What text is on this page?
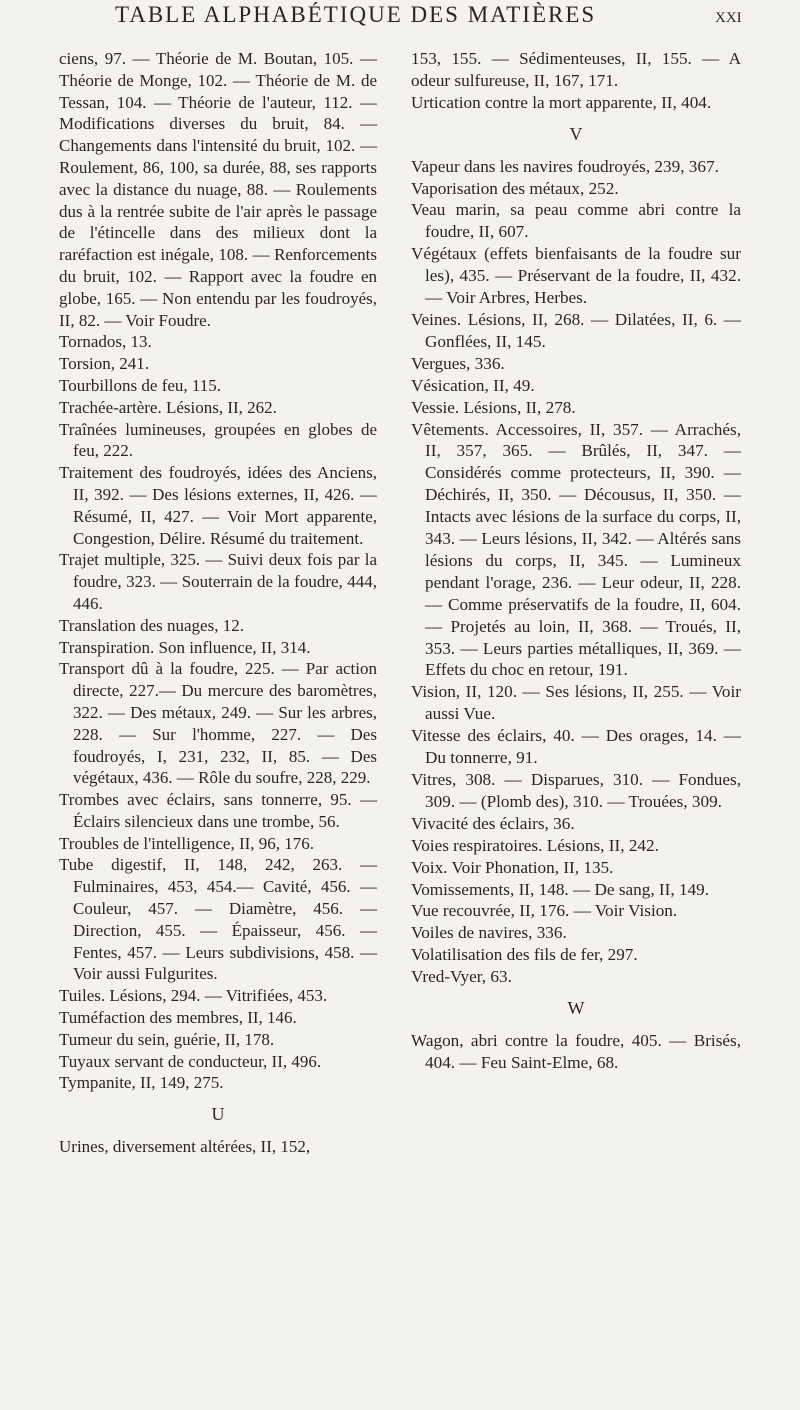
TABLE ALPHABÉTIQUE DES MATIÈRES	XXI

ciens, 97. — Théorie de M. Boutan, 105. — Théorie de Monge, 102. — Théorie de M. de Tessan, 104. — Théorie de l'auteur, 112. — Modifications diverses du bruit, 84. — Changements dans l'intensité du bruit, 102. — Roulement, 86, 100, sa durée, 88, ses rapports avec la distance du nuage, 88. — Roulements dus à la rentrée subite de l'air après le passage de l'étincelle dans des milieux dont la raréfaction est inégale, 108. — Renforcements du bruit, 102. — Rapport avec la foudre en globe, 165. — Non entendu par les foudroyés, II, 82. — Voir Foudre.

Tornados, 13.

Torsion, 241.

Tourbillons de feu, 115.

Trachée-artère. Lésions, II, 262.

Traînées lumineuses, groupées en globes de feu, 222.

Traitement des foudroyés, idées des Anciens, II, 392. — Des lésions externes, II, 426. — Résumé, II, 427. — Voir Mort apparente, Congestion, Délire. Résumé du traitement.

Trajet multiple, 325. — Suivi deux fois par la foudre, 323. — Souterrain de la foudre, 444, 446.

Translation des nuages, 12.

Transpiration. Son influence, II, 314.

Transport dû à la foudre, 225. — Par action directe, 227.— Du mercure des baromètres, 322. — Des métaux, 249. — Sur les arbres, 228. — Sur l'homme, 227. — Des foudroyés, I, 231, 232, II, 85. — Des végétaux, 436. — Rôle du soufre, 228, 229.

Trombes avec éclairs, sans tonnerre, 95. — Éclairs silencieux dans une trombe, 56.

Troubles de l'intelligence, II, 96, 176.

Tube digestif, II, 148, 242, 263. — Fulminaires, 453, 454.— Cavité, 456. — Couleur, 457. — Diamètre, 456. — Direction, 455. — Épaisseur, 456. — Fentes, 457. — Leurs subdivisions, 458. — Voir aussi Fulgurites.

Tuiles. Lésions, 294. — Vitrifiées, 453.

Tuméfaction des membres, II, 146.

Tumeur du sein, guérie, II, 178.

Tuyaux servant de conducteur, II, 496.

Tympanite, II, 149, 275.

U

Urines, diversement altérées, II, 152,

153, 155. — Sédimenteuses, II, 155. — A odeur sulfureuse, II, 167, 171.

Urtication contre la mort apparente, II, 404.

V

Vapeur dans les navires foudroyés, 239, 367.

Vaporisation des métaux, 252.

Veau marin, sa peau comme abri contre la foudre, II, 607.

Végétaux (effets bienfaisants de la foudre sur les), 435. — Préservant de la foudre, II, 432. — Voir Arbres, Herbes.

Veines. Lésions, II, 268. — Dilatées, II, 6. — Gonflées, II, 145.

Vergues, 336.

Vésication, II, 49.

Vessie. Lésions, II, 278.

Vêtements. Accessoires, II, 357. — Arrachés, II, 357, 365. — Brûlés, II, 347. — Considérés comme protecteurs, II, 390. — Déchirés, II, 350. — Décousus, II, 350. — Intacts avec lésions de la surface du corps, II, 343. — Leurs lésions, II, 342. — Altérés sans lésions du corps, II, 345. — Lumineux pendant l'orage, 236. — Leur odeur, II, 228. — Comme préservatifs de la foudre, II, 604. — Projetés au loin, II, 368. — Troués, II, 353. — Leurs parties métalliques, II, 369. — Effets du choc en retour, 191.

Vision, II, 120. — Ses lésions, II, 255. — Voir aussi Vue.

Vitesse des éclairs, 40. — Des orages, 14. — Du tonnerre, 91.

Vitres, 308. — Disparues, 310. — Fondues, 309. — (Plomb des), 310. — Trouées, 309.

Vivacité des éclairs, 36.

Voies respiratoires. Lésions, II, 242.

Voix. Voir Phonation, II, 135.

Vomissements, II, 148. — De sang, II, 149.

Vue recouvrée, II, 176. — Voir Vision.

Voiles de navires, 336.

Volatilisation des fils de fer, 297.

Vred-Vyer, 63.

W

Wagon, abri contre la foudre, 405. — Brisés, 404. — Feu Saint-Elme, 68.
